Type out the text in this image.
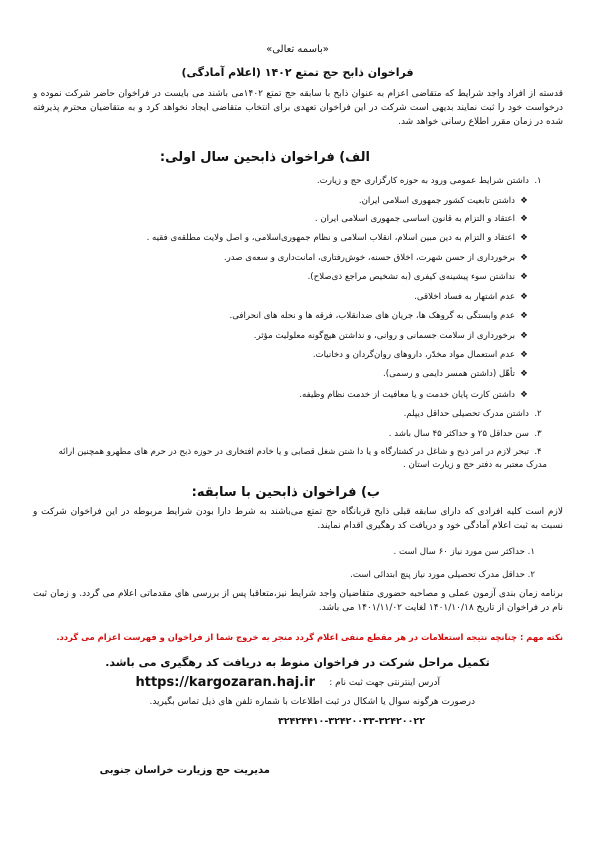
«باسمه تعالی»
فراخوان ذابح حج تمتع ۱۴۰۲ (اعلام آمادگی)
قدسته از افراد واجد شرایط که متقاضی اعزام به عنوان ذابح با سابقه حج تمتع ۱۴۰۲می باشند می بایست در فراخوان حاضر شرکت نموده و درخواست خود را ثبت نمایند بدیهی است شرکت در این فراخوان تعهدی برای انتخاب متقاضی ایجاد نخواهد کرد و به متقاضیان محترم پذیرفته شده در زمان مقرر اطلاع رسانی خواهد شد.
الف) فراخوان ذابحین سال اولی:
۱.داشتن شرایط عمومی ورود به حوزه کارگزاری حج و زیارت.
❖داشتن تابعیت کشور جمهوری اسلامی ایران.
❖اعتقاد و التزام به قانون اساسی جمهوری اسلامی ایران .
❖اعتقاد و التزام به دین مبین اسلام، انقلاب اسلامی و نظام جمهوری‌اسلامی، و اصل ولایت مطلقه‌ی فقیه .
❖برخورداری از حسن شهرت، اخلاق حسنه، خوش‌رفتاری، امانت‌داری و سعه‌ی صدر.
❖نداشتن سوء پیشینه‌ی کیفری (به تشخیص مراجع ذی‌صلاح).
❖عدم اشتهار به فساد اخلاقی.
❖عدم وابستگی به گروهک ها، جریان های ضدانقلاب، فرقه ها و نحله های انحرافی.
❖برخورداری از سلامت جسمانی و روانی، و نداشتن هیچ‌گونه معلولیت مؤثر.
❖عدم استعمال مواد مخدّر، داروهای روان‌گردان و دخانیات.
❖تأهّل (داشتن همسر دایمی و رسمی).
❖داشتن کارت پایان خدمت و یا معافیت از خدمت نظام وظیفه.
۲.داشتن مدرک تحصیلی حداقل دیپلم.
۳.سن حداقل ۲۵ و حداکثر ۴۵ سال باشد .
۴.تبحر لازم در امر ذبح و شاغل در کشتارگاه و یا دا شتن شغل قصابی و یا خادم افتخاری در حوزه ذبح در حرم های مطهرو همچنین ارائه مدرک معتبر به دفتر حج و زیارت استان .
ب) فراخوان ذابحین با سابقه:
لازم است کلیه افرادی که دارای سابقه قبلی ذابح قربانگاه حج تمتع می‌باشند به شرط دارا بودن شرایط مربوطه در این فراخوان شرکت و نسبت به ثبت اعلام آمادگی خود و دریافت کد رهگیری اقدام نمایند.
۱. حداکثر سن مورد نیاز ۶۰ سال است .
۲. حداقل مدرک تحصیلی مورد نیاز پنچ ابتدائی است.
برنامه زمان بندی آزمون عملی و مصاحبه حضوری متقاضیان واجد شرایط نیز،متعاقبا پس از بررسی های مقدماتی اعلام می گردد. و زمان ثبت نام در فراخوان از تاریخ ۱۴۰۱/۱۰/۱۸ لغایت ۱۴۰۱/۱۱/۰۲ می باشد.
نکته مهم : چنانچه نتیجه استعلامات در هر مقطع منفی اعلام گردد منجر به خروج شما از فراخوان و فهرست اعزام می گردد.
تکمیل مراحل شرکت در فراخوان منوط به دریافت کد رهگیری می باشد.
https://kargozaran.haj.ir آدرس اینترنتی جهت ثبت نام :
درصورت هرگونه سوال یا اشکال در ثبت اطلاعات با شماره تلفن های ذیل تماس بگیرید.
۳۲۴۲۴۴۱۰-۳۲۴۲۰۰۳۳-۳۲۴۲۰۰۲۲
مدیریت حج وزیارت خراسان جنوبی
